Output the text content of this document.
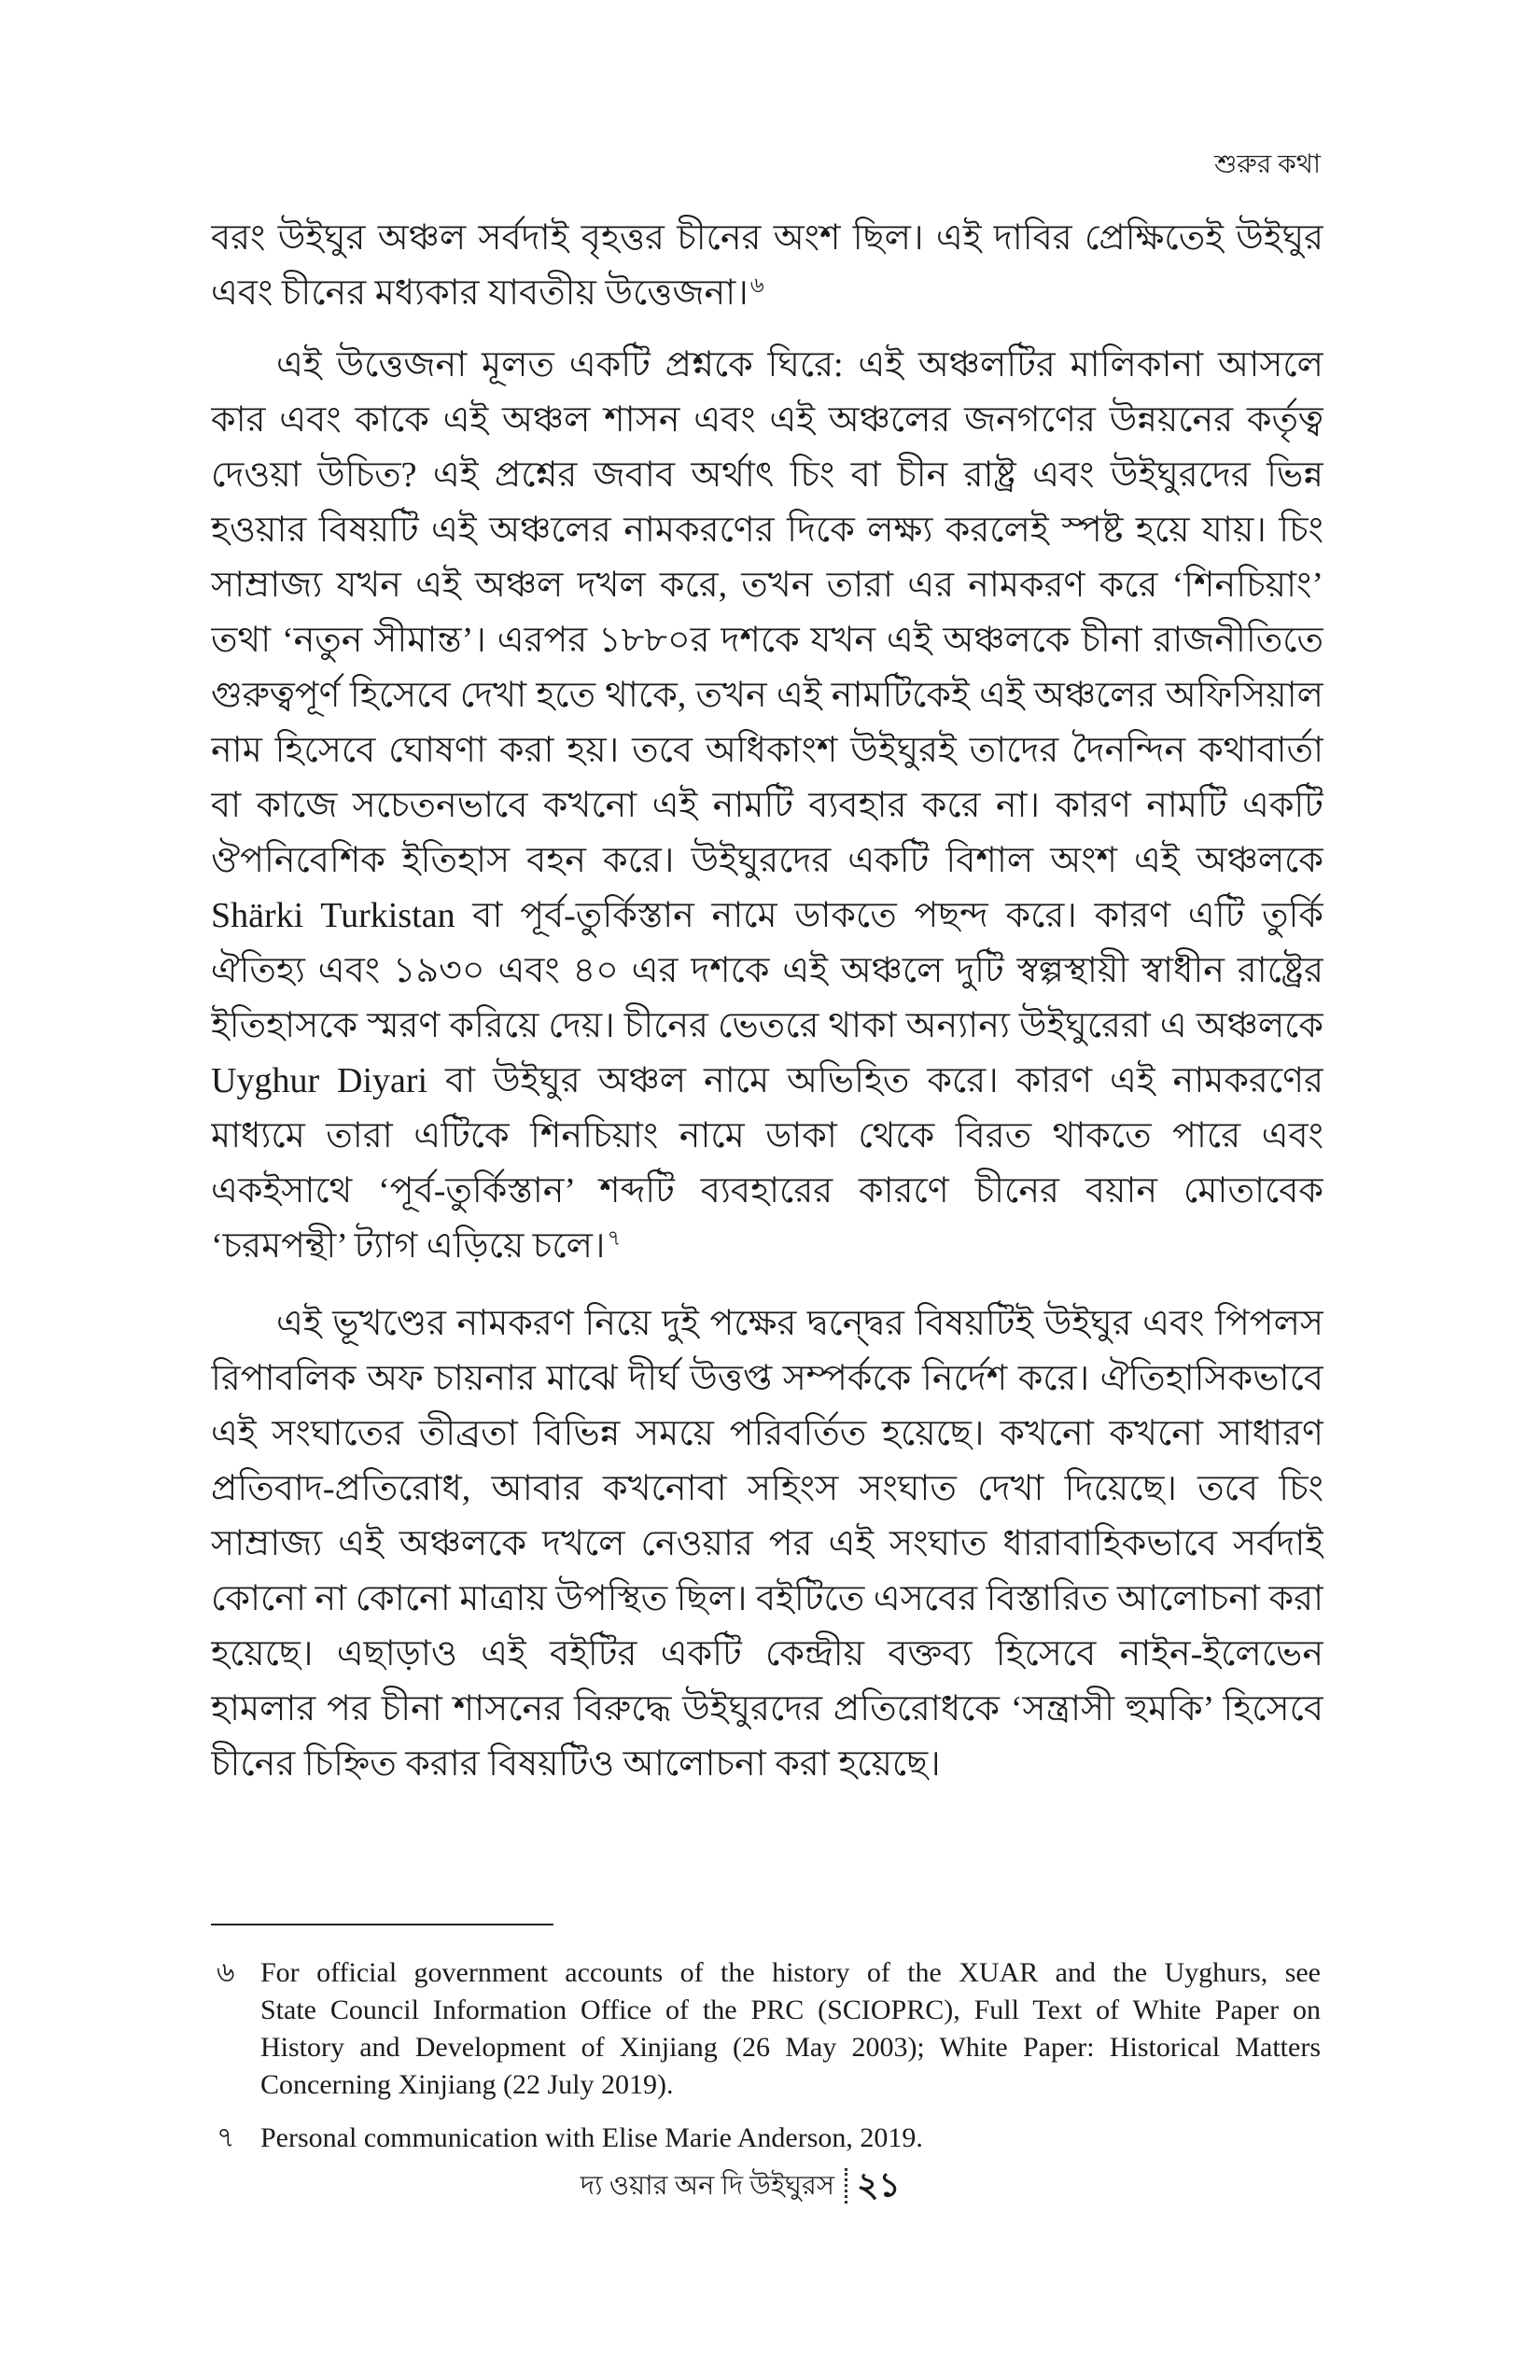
শুরুর কথা
বরং উইঘুর অঞ্চল সর্বদাই বৃহত্তর চীনের অংশ ছিল। এই দাবির প্রেক্ষিতেই উইঘুর
এবং চীনের মধ্যকার যাবতীয় উত্তেজনা।$^৬$
এই উত্তেজনা মূলত একটি প্রশ্নকে ঘিরে: এই অঞ্চলটির মালিকানা আসলে
কার এবং কাকে এই অঞ্চল শাসন এবং এই অঞ্চলের জনগণের উন্নয়নের কর্তৃত্ব
দেওয়া উচিত? এই প্রশ্নের জবাব অর্থাৎ চিং বা চীন রাষ্ট্র এবং উইঘুরদের ভিন্ন
হওয়ার বিষয়টি এই অঞ্চলের নামকরণের দিকে লক্ষ্য করলেই স্পষ্ট হয়ে যায়। চিং
সাম্রাজ্য যখন এই অঞ্চল দখল করে, তখন তারা এর নামকরণ করে ‘শিনচিয়াং’
তথা ‘নতুন সীমান্ত’। এরপর ১৮৮০র দশকে যখন এই অঞ্চলকে চীনা রাজনীতিতে
গুরুত্বপূর্ণ হিসেবে দেখা হতে থাকে, তখন এই নামটিকেই এই অঞ্চলের অফিসিয়াল
নাম হিসেবে ঘোষণা করা হয়। তবে অধিকাংশ উইঘুরই তাদের দৈনন্দিন কথাবার্তা
বা কাজে সচেতনভাবে কখনো এই নামটি ব্যবহার করে না। কারণ নামটি একটি
ঔপনিবেশিক ইতিহাস বহন করে। উইঘুরদের একটি বিশাল অংশ এই অঞ্চলকে
Shärki Turkistan বা পূর্ব-তুর্কিস্তান নামে ডাকতে পছন্দ করে। কারণ এটি তুর্কি
ঐতিহ্য এবং ১৯৩০ এবং ৪০ এর দশকে এই অঞ্চলে দুটি স্বল্পস্থায়ী স্বাধীন রাষ্ট্রের
ইতিহাসকে স্মরণ করিয়ে দেয়। চীনের ভেতরে থাকা অন্যান্য উইঘুরেরা এ অঞ্চলকে
Uyghur Diyari বা উইঘুর অঞ্চল নামে অভিহিত করে। কারণ এই নামকরণের
মাধ্যমে তারা এটিকে শিনচিয়াং নামে ডাকা থেকে বিরত থাকতে পারে এবং
একইসাথে ‘পূর্ব-তুর্কিস্তান’ শব্দটি ব্যবহারের কারণে চীনের বয়ান মোতাবেক
‘চরমপন্থী’ ট্যাগ এড়িয়ে চলে।$^৭$
এই ভূখণ্ডের নামকরণ নিয়ে দুই পক্ষের দ্বন্দ্বের বিষয়টিই উইঘুর এবং পিপলস
রিপাবলিক অফ চায়নার মাঝে দীর্ঘ উত্তপ্ত সম্পর্ককে নির্দেশ করে। ঐতিহাসিকভাবে
এই সংঘাতের তীব্রতা বিভিন্ন সময়ে পরিবর্তিত হয়েছে। কখনো কখনো সাধারণ
প্রতিবাদ-প্রতিরোধ, আবার কখনোবা সহিংস সংঘাত দেখা দিয়েছে। তবে চিং
সাম্রাজ্য এই অঞ্চলকে দখলে নেওয়ার পর এই সংঘাত ধারাবাহিকভাবে সর্বদাই
কোনো না কোনো মাত্রায় উপস্থিত ছিল। বইটিতে এসবের বিস্তারিত আলোচনা করা
হয়েছে। এছাড়াও এই বইটির একটি কেন্দ্রীয় বক্তব্য হিসেবে নাইন-ইলেভেন
হামলার পর চীনা শাসনের বিরুদ্ধে উইঘুরদের প্রতিরোধকে ‘সন্ত্রাসী হুমকি’ হিসেবে
চীনের চিহ্নিত করার বিষয়টিও আলোচনা করা হয়েছে।
৬ For official government accounts of the history of the XUAR and the Uyghurs, see
State Council Information Office of the PRC (SCIOPRC), Full Text of White Paper on
History and Development of Xinjiang (26 May 2003); White Paper: Historical Matters
Concerning Xinjiang (22 July 2019).
৭ Personal communication with Elise Marie Anderson, 2019.
দ্য ওয়ার অন দি উইঘুরস ২১
